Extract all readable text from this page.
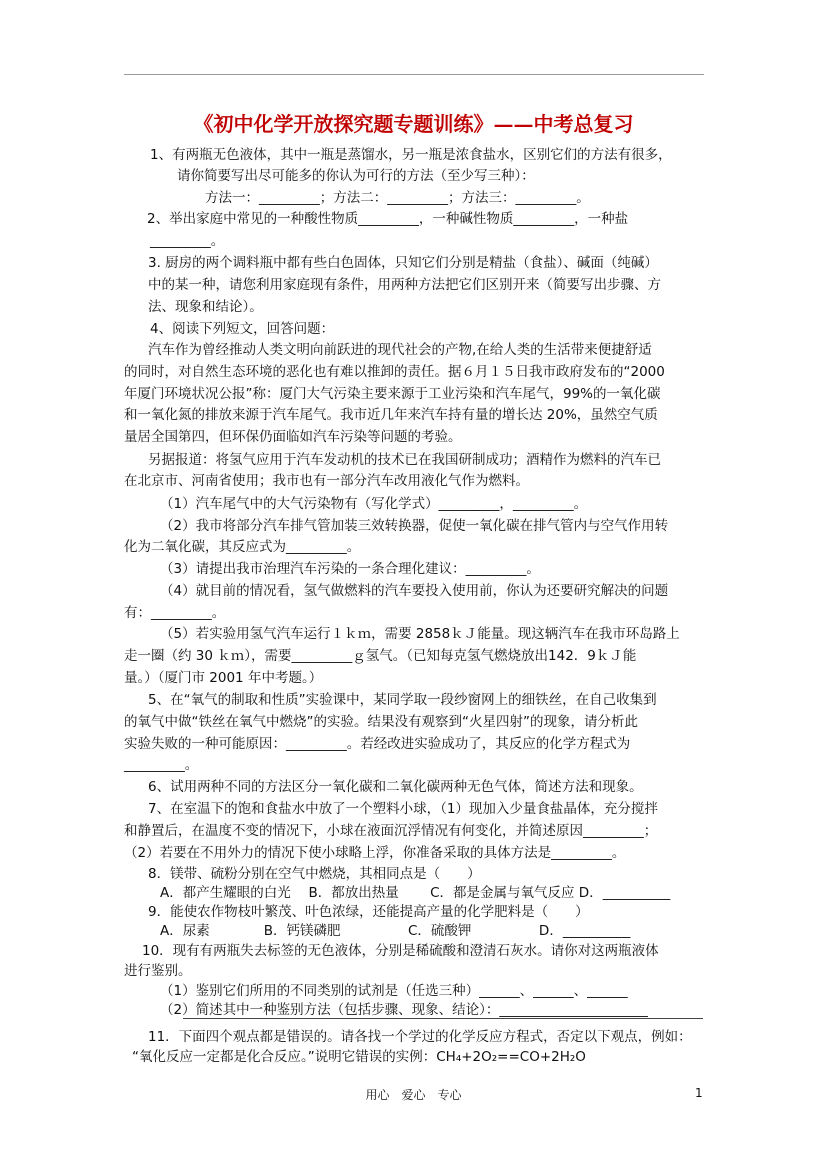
《初中化学开放探究题专题训练》——中考总复习
1、有两瓶无色液体，其中一瓶是蒸馏水，另一瓶是浓食盐水，区别它们的方法有很多，
请你简要写出尽可能多的你认为可行的方法（至少写三种）：
方法一：_________；方法二：_________；方法三：_________。
2、举出家庭中常见的一种酸性物质_________，一种碱性物质_________，一种盐
_________。
3. 厨房的两个调料瓶中都有些白色固体，只知它们分别是精盐（食盐）、碱面（纯碱）
中的某一种，请您利用家庭现有条件，用两种方法把它们区别开来（简要写出步骤、方
法、现象和结论）。
4、阅读下列短文，回答问题：
汽车作为曾经推动人类文明向前跃进的现代社会的产物,在给人类的生活带来便捷舒适
的同时，对自然生态环境的恶化也有难以推卸的责任。据６月１５日我市政府发布的“2000
年厦门环境状况公报”称：厦门大气污染主要来源于工业污染和汽车尾气，99%的一氧化碳
和一氧化氮的排放来源于汽车尾气。我市近几年来汽车持有量的增长达 20%，虽然空气质
量居全国第四，但环保仍面临如汽车污染等问题的考验。
另据报道：将氢气应用于汽车发动机的技术已在我国研制成功；酒精作为燃料的汽车已
在北京市、河南省使用；我市也有一部分汽车改用液化气作为燃料。
（1）汽车尾气中的大气污染物有（写化学式）_________，_________。
（2）我市将部分汽车排气管加装三效转换器，促使一氧化碳在排气管内与空气作用转
化为二氧化碳，其反应式为_________。
（3）请提出我市治理汽车污染的一条合理化建议：_________。
（4）就目前的情况看，氢气做燃料的汽车要投入使用前，你认为还要研究解决的问题
有：_________。
（5）若实验用氢气汽车运行１ｋｍ，需要 2858ｋＪ能量。现这辆汽车在我市环岛路上
走一圈（约 30 ｋｍ），需要_________ｇ氢气。（已知每克氢气燃烧放出142．9ｋＪ能
量。）（厦门市 2001 年中考题。）
5、在“氧气的制取和性质”实验课中，某同学取一段纱窗网上的细铁丝，在自己收集到
的氧气中做“铁丝在氧气中燃烧”的实验。结果没有观察到“火星四射”的现象，请分析此
实验失败的一种可能原因：_________。若经改进实验成功了，其反应的化学方程式为
_________。
6、试用两种不同的方法区分一氧化碳和二氧化碳两种无色气体，简述方法和现象。
7、在室温下的饱和食盐水中放了一个塑料小球，（1）现加入少量食盐晶体，充分搅拌
和静置后，在温度不变的情况下，小球在液面沉浮情况有何变化，并简述原因_________；
（2）若要在不用外力的情况下使小球略上浮，你准备采取的具体方法是_________。
8．镁带、硫粉分别在空气中燃烧，其相同点是（　　）
A．都产生耀眼的白光　 B．都放出热量　　 C．都是金属与氧气反应 D．__________
9．能使农作物枝叶繁茂、叶色浓绿，还能提高产量的化学肥料是（　　）
A．尿素　　　　B．钙镁磷肥　　　　　C．硫酸钾　　　　　D．__________
10．现有有两瓶失去标签的无色液体，分别是稀硫酸和澄清石灰水。请你对这两瓶液体
进行鉴别。
（1）鉴别它们所用的不同类别的试剂是（任选三种）______、______、______
（2）简述其中一种鉴别方法（包括步骤、现象、结论）：______________________
11．下面四个观点都是错误的。请各找一个学过的化学反应方程式，否定以下观点，例如：
“氧化反应一定都是化合反应。”说明它错误的实例：CH₄+2O₂==CO+2H₂O
用心　爱心　专心	1
